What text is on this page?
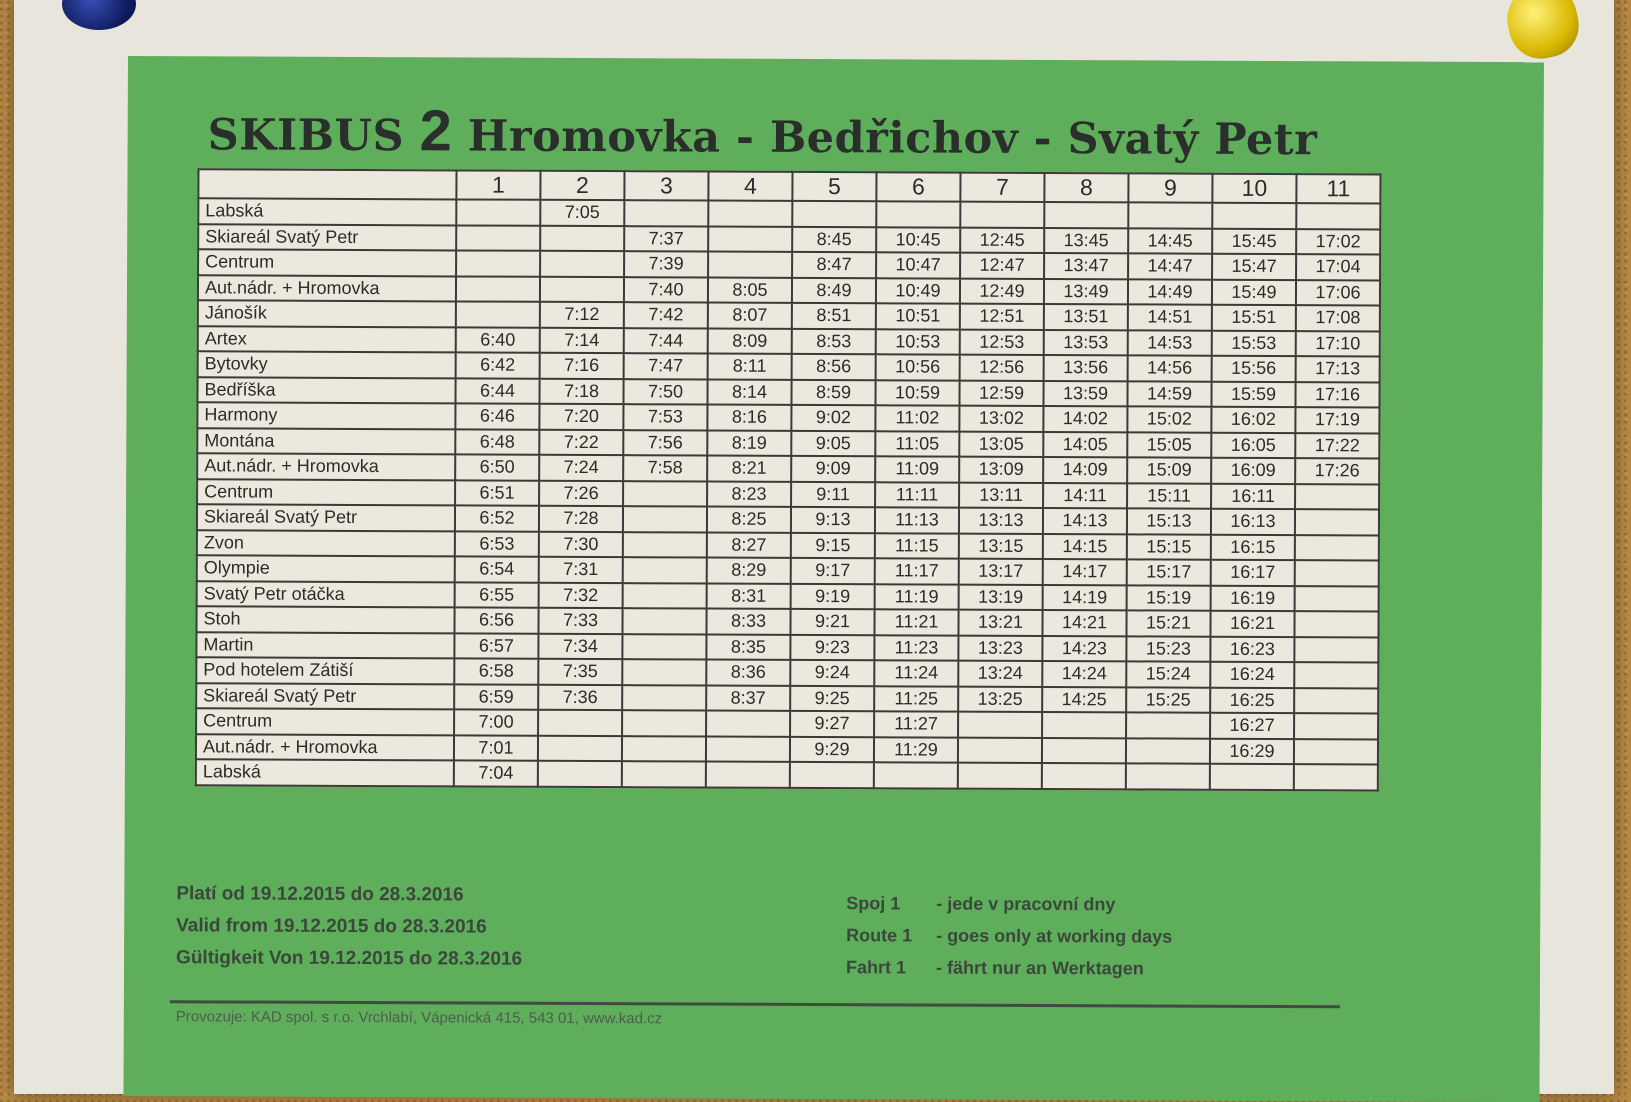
SKIBUS 2 Hromovka - Bedřichov - Svatý Petr
	1	2	3	4	5	6	7	8	9	10	11
Labská		7:05									
Skiareál Svatý Petr			7:37		8:45	10:45	12:45	13:45	14:45	15:45	17:02
Centrum			7:39		8:47	10:47	12:47	13:47	14:47	15:47	17:04
Aut.nádr. + Hromovka			7:40	8:05	8:49	10:49	12:49	13:49	14:49	15:49	17:06
Jánošík		7:12	7:42	8:07	8:51	10:51	12:51	13:51	14:51	15:51	17:08
Artex	6:40	7:14	7:44	8:09	8:53	10:53	12:53	13:53	14:53	15:53	17:10
Bytovky	6:42	7:16	7:47	8:11	8:56	10:56	12:56	13:56	14:56	15:56	17:13
Bedříška	6:44	7:18	7:50	8:14	8:59	10:59	12:59	13:59	14:59	15:59	17:16
Harmony	6:46	7:20	7:53	8:16	9:02	11:02	13:02	14:02	15:02	16:02	17:19
Montána	6:48	7:22	7:56	8:19	9:05	11:05	13:05	14:05	15:05	16:05	17:22
Aut.nádr. + Hromovka	6:50	7:24	7:58	8:21	9:09	11:09	13:09	14:09	15:09	16:09	17:26
Centrum	6:51	7:26		8:23	9:11	11:11	13:11	14:11	15:11	16:11	
Skiareál Svatý Petr	6:52	7:28		8:25	9:13	11:13	13:13	14:13	15:13	16:13	
Zvon	6:53	7:30		8:27	9:15	11:15	13:15	14:15	15:15	16:15	
Olympie	6:54	7:31		8:29	9:17	11:17	13:17	14:17	15:17	16:17	
Svatý Petr otáčka	6:55	7:32		8:31	9:19	11:19	13:19	14:19	15:19	16:19	
Stoh	6:56	7:33		8:33	9:21	11:21	13:21	14:21	15:21	16:21	
Martin	6:57	7:34		8:35	9:23	11:23	13:23	14:23	15:23	16:23	
Pod hotelem Zátiší	6:58	7:35		8:36	9:24	11:24	13:24	14:24	15:24	16:24	
Skiareál Svatý Petr	6:59	7:36		8:37	9:25	11:25	13:25	14:25	15:25	16:25	
Centrum	7:00				9:27	11:27				16:27	
Aut.nádr. + Hromovka	7:01				9:29	11:29				16:29	
Labská	7:04										
Platí od 19.12.2015 do 28.3.2016
Valid from 19.12.2015 do 28.3.2016
Gültigkeit Von 19.12.2015 do 28.3.2016
Spoj 1	- jede v pracovní dny
Route 1	- goes only at working days
Fahrt 1	- fährt nur an Werktagen
Provozuje: KAD spol. s r.o. Vrchlabí, Vápenická 415, 543 01, www.kad.cz
